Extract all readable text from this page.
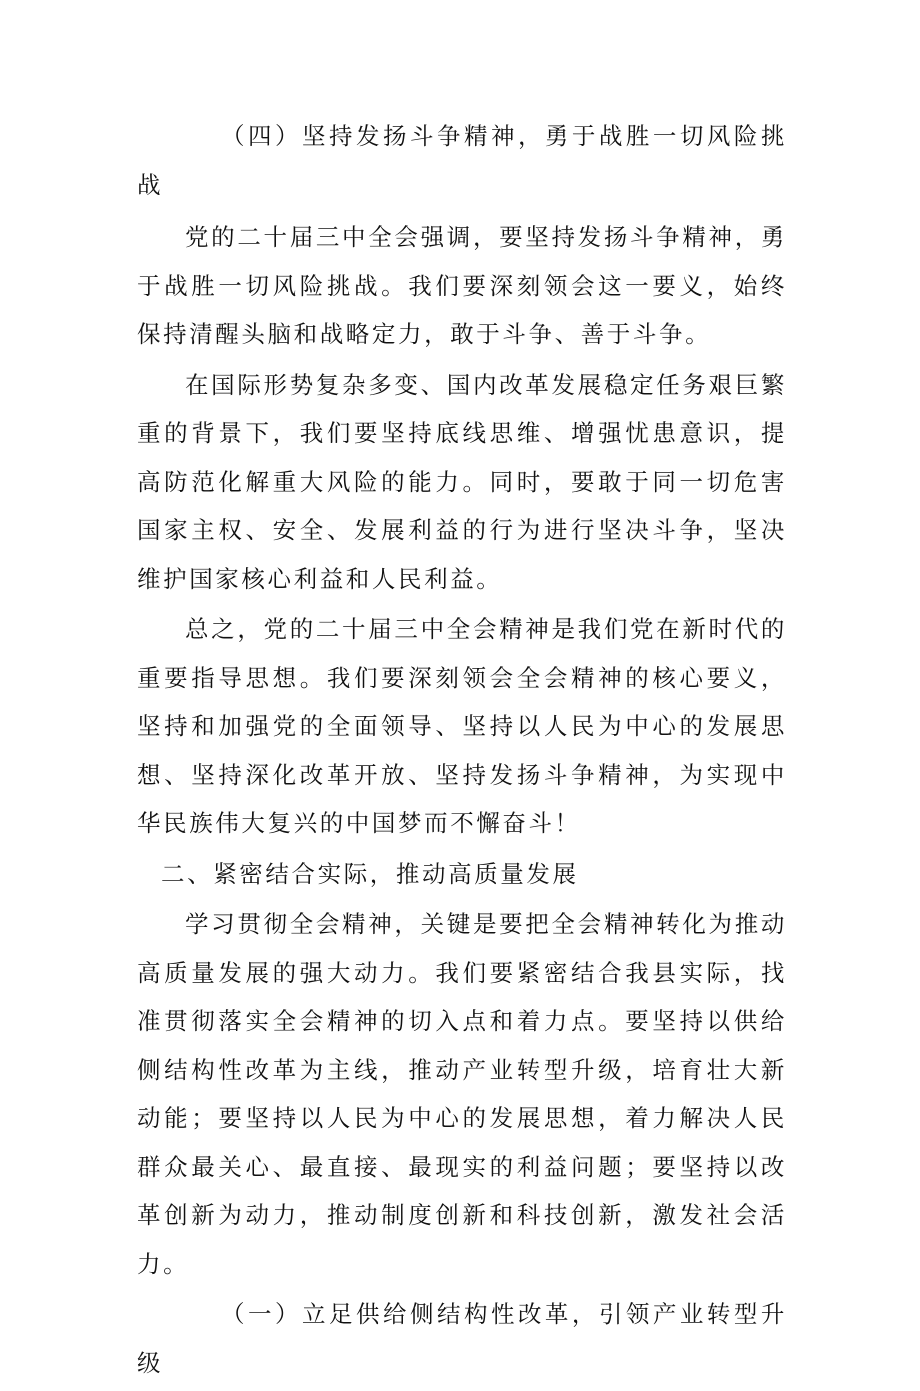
（四）坚持发扬斗争精神，勇于战胜一切风险挑战

党的二十届三中全会强调，要坚持发扬斗争精神，勇于战胜一切风险挑战。我们要深刻领会这一要义，始终保持清醒头脑和战略定力，敢于斗争、善于斗争。

在国际形势复杂多变、国内改革发展稳定任务艰巨繁重的背景下，我们要坚持底线思维、增强忧患意识，提高防范化解重大风险的能力。同时，要敢于同一切危害国家主权、安全、发展利益的行为进行坚决斗争，坚决维护国家核心利益和人民利益。

总之，党的二十届三中全会精神是我们党在新时代的重要指导思想。我们要深刻领会全会精神的核心要义，坚持和加强党的全面领导、坚持以人民为中心的发展思想、坚持深化改革开放、坚持发扬斗争精神，为实现中华民族伟大复兴的中国梦而不懈奋斗！

二、紧密结合实际，推动高质量发展

学习贯彻全会精神，关键是要把全会精神转化为推动高质量发展的强大动力。我们要紧密结合我县实际，找准贯彻落实全会精神的切入点和着力点。要坚持以供给侧结构性改革为主线，推动产业转型升级，培育壮大新动能；要坚持以人民为中心的发展思想，着力解决人民群众最关心、最直接、最现实的利益问题；要坚持以改革创新为动力，推动制度创新和科技创新，激发社会活力。

（一）立足供给侧结构性改革，引领产业转型升级
